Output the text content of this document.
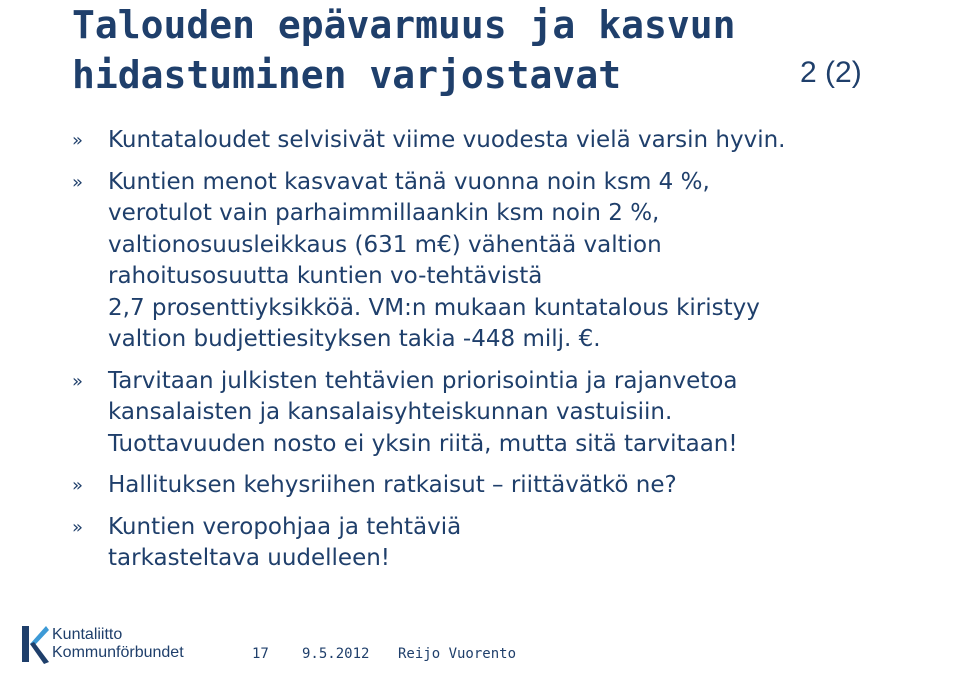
Talouden epävarmuus ja kasvun
hidastuminen varjostavat	2 (2)
» Kuntataloudet selvisivät viime vuodesta vielä varsin hyvin.
» Kuntien menot kasvavat tänä vuonna noin ksm 4 %,
verotulot vain parhaimmillaankin ksm noin 2 %,
valtionosuusleikkaus (631 m€) vähentää valtion
rahoitusosuutta kuntien vo-tehtävistä
2,7 prosenttiyksikköä. VM:n mukaan kuntatalous kiristyy
valtion budjettiesityksen takia -448 milj. €.
» Tarvitaan julkisten tehtävien priorisointia ja rajanvetoa
kansalaisten ja kansalaisyhteiskunnan vastuisiin.
Tuottavuuden nosto ei yksin riitä, mutta sitä tarvitaan!
» Hallituksen kehysriihen ratkaisut – riittävätkö ne?
» Kuntien veropohjaa ja tehtäviä
tarkasteltava uudelleen!
Kuntaliitto
Kommunförbundet	17 9.5.2012 Reijo Vuorento
